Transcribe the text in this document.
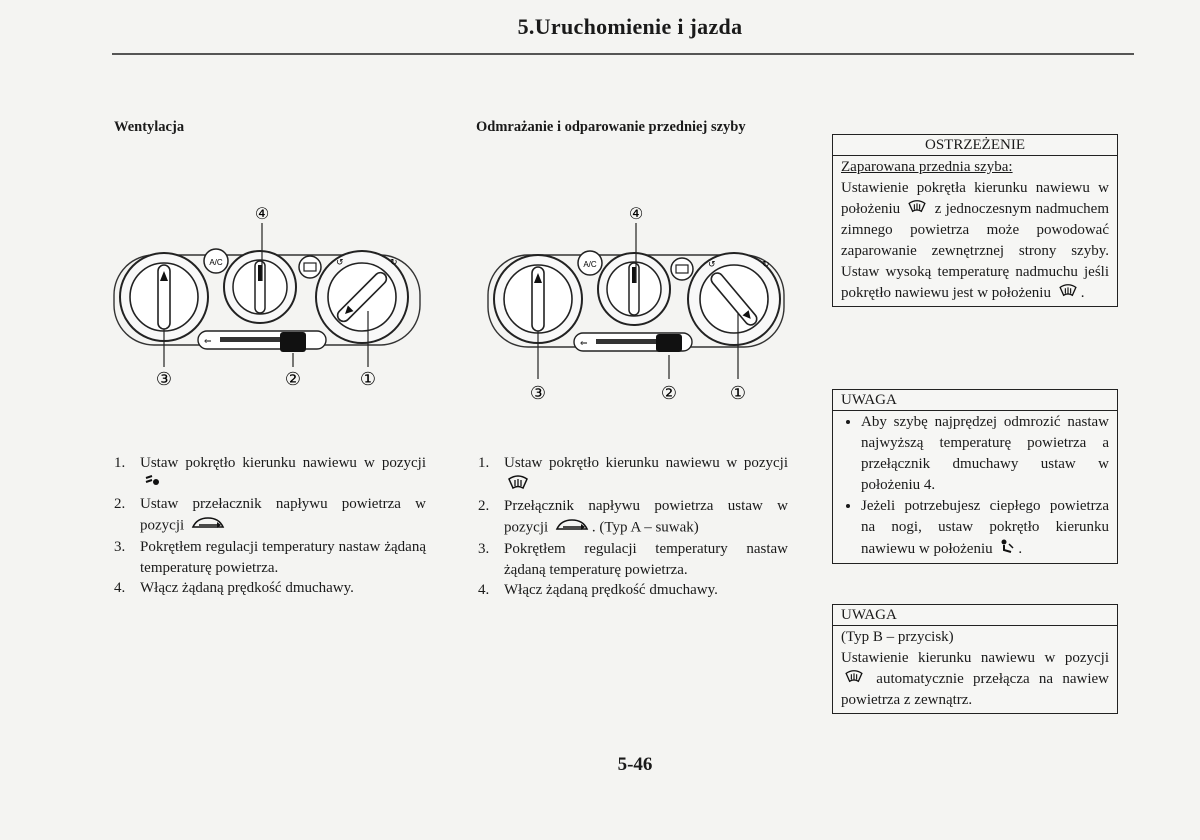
5.Uruchomienie i jazda
Wentylacja
A/C	↺	↻
⇐
④
③	②	①
1. Ustaw pokrętło kierunku nawiewu w pozycji
2. Ustaw przełacznik napływu powietrza w pozycji
3. Pokrętłem regulacji temperatury nastaw żądaną temperaturę powietrza.
4. Włącz żądaną prędkość dmuchawy.
Odmrażanie i odparowanie przedniej szyby
A/C	↺	↻
⇐
④
③	②	①
1. Ustaw pokrętło kierunku nawiewu w pozycji
2. Przełącznik napływu powietrza ustaw w pozycji	. (Typ A – suwak)
3. Pokrętłem regulacji temperatury nastaw żądaną temperaturę powietrza.
4. Włącz żądaną prędkość dmuchawy.
OSTRZEŻENIE

Zaparowana przednia szyba:

Ustawienie pokrętła kierunku nawiewu w położeniu z jednoczesnym nadmuchem zimnego powietrza może powodować zaparowanie zewnętrznej strony szyby. Ustaw wysoką temperaturę nadmuchu jeśli pokrętło nawiewu jest w położeniu .

UWAGA
• Aby szybę najprędzej odmrozić nastaw najwyższą temperaturę powietrza a przełącznik dmuchawy ustaw w położeniu 4.
• Jeżeli potrzebujesz ciepłego powietrza na nogi, ustaw pokrętło kierunku nawiewu w położeniu .
UWAGA

(Typ B – przycisk)

Ustawienie kierunku nawiewu w pozycji  automatycznie przełącza na nawiew powietrza z zewnątrz.

5-46
